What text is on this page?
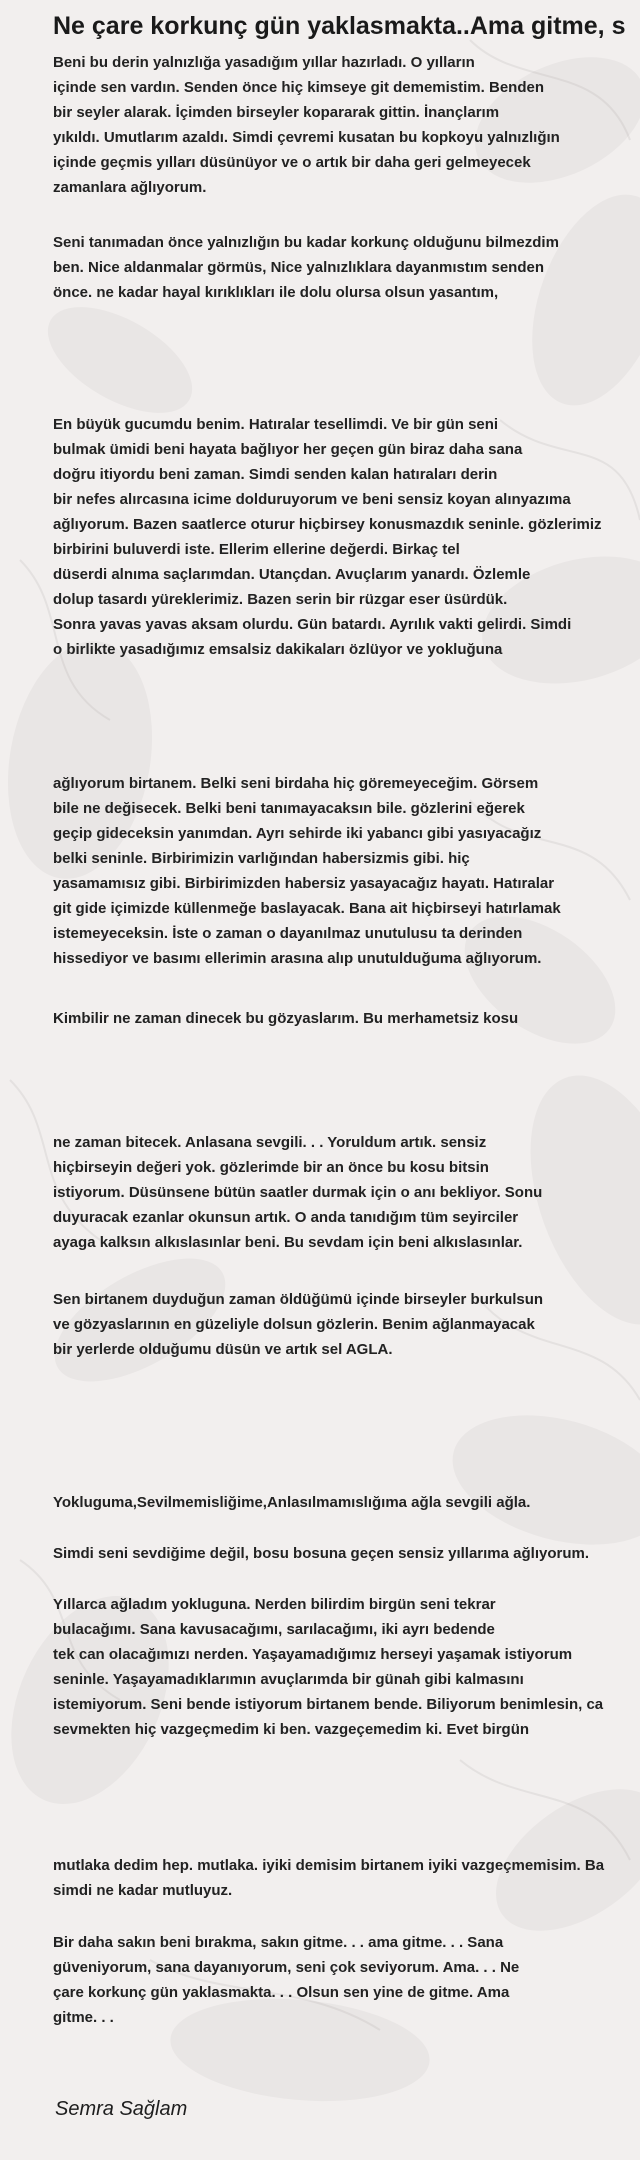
Ne çare korkunç gün yaklasmakta..Ama gitme, s

Beni bu derin yalnızlığa yasadığım yıllar hazırladı. O yılların
içinde sen vardın. Senden önce hiç kimseye git dememistim. Benden
bir seyler alarak. İçimden birseyler kopararak gittin. İnançlarım
yıkıldı. Umutlarım azaldı. Simdi çevremi kusatan bu kopkoyu yalnızlığın
içinde geçmis yılları düsünüyor ve o artık bir daha geri gelmeyecek
zamanlara ağlıyorum.

Seni tanımadan önce yalnızlığın bu kadar korkunç olduğunu bilmezdim
ben. Nice aldanmalar görmüs, Nice yalnızlıklara dayanmıstım senden
önce. ne kadar hayal kırıklıkları ile dolu olursa olsun yasantım,

En büyük gucumdu benim. Hatıralar tesellimdi. Ve bir gün seni
bulmak ümidi beni hayata bağlıyor her geçen gün biraz daha sana
doğru itiyordu beni zaman. Simdi senden kalan hatıraları derin
bir nefes alırcasına icime dolduruyorum ve beni sensiz koyan alınyazıma
ağlıyorum. Bazen saatlerce oturur hiçbirsey konusmazdık seninle. gözlerimiz
birbirini buluverdi iste. Ellerim ellerine değerdi. Birkaç tel
düserdi alnıma saçlarımdan. Utançdan. Avuçlarım yanardı. Özlemle
dolup tasardı yüreklerimiz. Bazen serin bir rüzgar eser üsürdük.
Sonra yavas yavas aksam olurdu. Gün batardı. Ayrılık vakti gelirdi. Simdi
o birlikte yasadığımız emsalsiz dakikaları özlüyor ve yokluğuna

ağlıyorum birtanem. Belki seni birdaha hiç göremeyeceğim. Görsem
bile ne değisecek. Belki beni tanımayacaksın bile. gözlerini eğerek
geçip gideceksin yanımdan. Ayrı sehirde iki yabancı gibi yasıyacağız
belki seninle. Birbirimizin varlığından habersizmis gibi. hiç
yasamamısız gibi. Birbirimizden habersiz yasayacağız hayatı. Hatıralar
git gide içimizde küllenmeğe baslayacak. Bana ait hiçbirseyi hatırlamak
istemeyeceksin. İste o zaman o dayanılmaz unutulusu ta derinden
hissediyor ve basımı ellerimin arasına alıp unutulduğuma ağlıyorum.

Kimbilir ne zaman dinecek bu gözyaslarım. Bu merhametsiz kosu

ne zaman bitecek. Anlasana sevgili. . . Yoruldum artık. sensiz
hiçbirseyin değeri yok. gözlerimde bir an önce bu kosu bitsin
istiyorum. Düsünsene bütün saatler durmak için o anı bekliyor. Sonu
duyuracak ezanlar okunsun artık. O anda tanıdığım tüm seyirciler
ayaga kalksın alkıslasınlar beni. Bu sevdam için beni alkıslasınlar.

Sen birtanem duyduğun zaman öldüğümü içinde birseyler burkulsun
ve gözyaslarının en güzeliyle dolsun gözlerin. Benim ağlanmayacak
bir yerlerde olduğumu düsün ve artık sel AGLA.

Yokluguma,Sevilmemisliğime,Anlasılmamıslığıma ağla sevgili ağla.

Simdi seni sevdiğime değil, bosu bosuna geçen sensiz yıllarıma ağlıyorum.

Yıllarca ağladım yokluguna. Nerden bilirdim birgün seni tekrar
bulacağımı. Sana kavusacağımı, sarılacağımı, iki ayrı bedende
tek can olacağımızı nerden. Yaşayamadığımız herseyi yaşamak istiyorum
seninle. Yaşayamadıklarımın avuçlarımda bir günah gibi kalmasını
istemiyorum. Seni bende istiyorum birtanem bende. Biliyorum benimlesin, ca
sevmekten hiç vazgeçmedim ki ben. vazgeçemedim ki. Evet birgün

mutlaka dedim hep. mutlaka. iyiki demisim birtanem iyiki vazgeçmemisim. Ba
simdi ne kadar mutluyuz.

Bir daha sakın beni bırakma, sakın gitme. . . ama gitme. . . Sana
güveniyorum, sana dayanıyorum, seni çok seviyorum. Ama. . . Ne
çare korkunç gün yaklasmakta. . . Olsun sen yine de gitme. Ama
gitme. . .

Semra Sağlam
